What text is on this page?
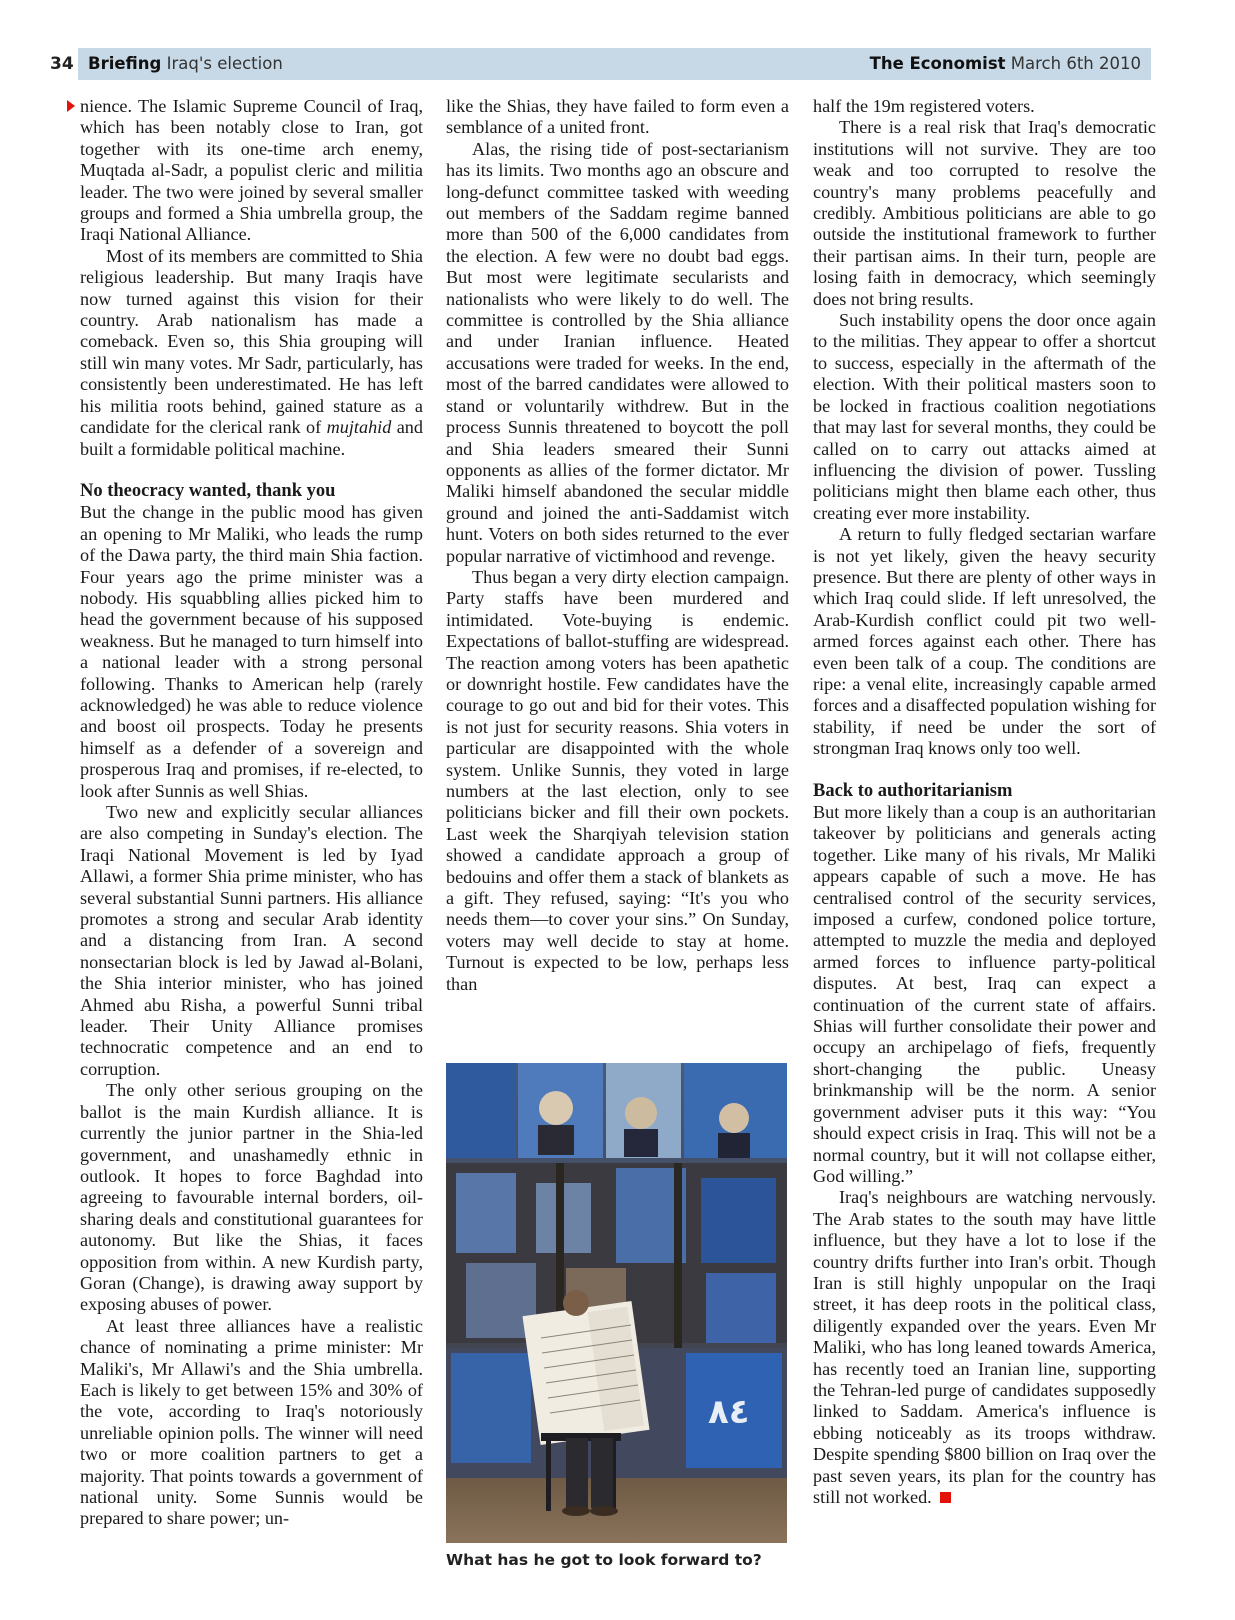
34 Briefing Iraq's election	The Economist March 6th 2010

nience. The Islamic Supreme Council of Iraq, which has been notably close to Iran, got together with its one-time arch enemy, Muqtada al-Sadr, a populist cleric and militia leader. The two were joined by several smaller groups and formed a Shia umbrella group, the Iraqi National Alliance.

Most of its members are committed to Shia religious leadership. But many Iraqis have now turned against this vision for their country. Arab nationalism has made a comeback. Even so, this Shia grouping will still win many votes. Mr Sadr, particularly, has consistently been underestimated. He has left his militia roots behind, gained stature as a candidate for the clerical rank of mujtahid and built a formidable political machine.

No theocracy wanted, thank you

But the change in the public mood has given an opening to Mr Maliki, who leads the rump of the Dawa party, the third main Shia faction. Four years ago the prime minister was a nobody. His squabbling allies picked him to head the government because of his supposed weakness. But he managed to turn himself into a national leader with a strong personal following. Thanks to American help (rarely acknowledged) he was able to reduce violence and boost oil prospects. Today he presents himself as a defender of a sovereign and prosperous Iraq and promises, if re-elected, to look after Sunnis as well Shias.

Two new and explicitly secular alliances are also competing in Sunday's election. The Iraqi National Movement is led by Iyad Allawi, a former Shia prime minister, who has several substantial Sunni partners. His alliance promotes a strong and secular Arab identity and a distancing from Iran. A second nonsectarian block is led by Jawad al-Bolani, the Shia interior minister, who has joined Ahmed abu Risha, a powerful Sunni tribal leader. Their Unity Alliance promises technocratic competence and an end to corruption.

The only other serious grouping on the ballot is the main Kurdish alliance. It is currently the junior partner in the Shia-led government, and unashamedly ethnic in outlook. It hopes to force Baghdad into agreeing to favourable internal borders, oil-sharing deals and constitutional guarantees for autonomy. But like the Shias, it faces opposition from within. A new Kurdish party, Goran (Change), is drawing away support by exposing abuses of power.

At least three alliances have a realistic chance of nominating a prime minister: Mr Maliki's, Mr Allawi's and the Shia umbrella. Each is likely to get between 15% and 30% of the vote, according to Iraq's notoriously unreliable opinion polls. The winner will need two or more coalition partners to get a majority. That points towards a government of national unity. Some Sunnis would be prepared to share power; un-

like the Shias, they have failed to form even a semblance of a united front.

Alas, the rising tide of post-sectarianism has its limits. Two months ago an obscure and long-defunct committee tasked with weeding out members of the Saddam regime banned more than 500 of the 6,000 candidates from the election. A few were no doubt bad eggs. But most were legitimate secularists and nationalists who were likely to do well. The committee is controlled by the Shia alliance and under Iranian influence. Heated accusations were traded for weeks. In the end, most of the barred candidates were allowed to stand or voluntarily withdrew. But in the process Sunnis threatened to boycott the poll and Shia leaders smeared their Sunni opponents as allies of the former dictator. Mr Maliki himself abandoned the secular middle ground and joined the anti-Saddamist witch hunt. Voters on both sides returned to the ever popular narrative of victimhood and revenge.

Thus began a very dirty election campaign. Party staffs have been murdered and intimidated. Vote-buying is endemic. Expectations of ballot-stuffing are widespread. The reaction among voters has been apathetic or downright hostile. Few candidates have the courage to go out and bid for their votes. This is not just for security reasons. Shia voters in particular are disappointed with the whole system. Unlike Sunnis, they voted in large numbers at the last election, only to see politicians bicker and fill their own pockets. Last week the Sharqiyah television station showed a candidate approach a group of bedouins and offer them a stack of blankets as a gift. They refused, saying: “It's you who needs them—to cover your sins.” On Sunday, voters may well decide to stay at home. Turnout is expected to be low, perhaps less than

٨٤
What has he got to look forward to?

half the 19m registered voters.

There is a real risk that Iraq's democratic institutions will not survive. They are too weak and too corrupted to resolve the country's many problems peacefully and credibly. Ambitious politicians are able to go outside the institutional framework to further their partisan aims. In their turn, people are losing faith in democracy, which seemingly does not bring results.

Such instability opens the door once again to the militias. They appear to offer a shortcut to success, especially in the aftermath of the election. With their political masters soon to be locked in fractious coalition negotiations that may last for several months, they could be called on to carry out attacks aimed at influencing the division of power. Tussling politicians might then blame each other, thus creating ever more instability.

A return to fully fledged sectarian warfare is not yet likely, given the heavy security presence. But there are plenty of other ways in which Iraq could slide. If left unresolved, the Arab-Kurdish conflict could pit two well-armed forces against each other. There has even been talk of a coup. The conditions are ripe: a venal elite, increasingly capable armed forces and a disaffected population wishing for stability, if need be under the sort of strongman Iraq knows only too well.

Back to authoritarianism

But more likely than a coup is an authoritarian takeover by politicians and generals acting together. Like many of his rivals, Mr Maliki appears capable of such a move. He has centralised control of the security services, imposed a curfew, condoned police torture, attempted to muzzle the media and deployed armed forces to influence party-political disputes. At best, Iraq can expect a continuation of the current state of affairs. Shias will further consolidate their power and occupy an archipelago of fiefs, frequently short-changing the public. Uneasy brinkmanship will be the norm. A senior government adviser puts it this way: “You should expect crisis in Iraq. This will not be a normal country, but it will not collapse either, God willing.”

Iraq's neighbours are watching nervously. The Arab states to the south may have little influence, but they have a lot to lose if the country drifts further into Iran's orbit. Though Iran is still highly unpopular on the Iraqi street, it has deep roots in the political class, diligently expanded over the years. Even Mr Maliki, who has long leaned towards America, has recently toed an Iranian line, supporting the Tehran-led purge of candidates supposedly linked to Saddam. America's influence is ebbing noticeably as its troops withdraw. Despite spending $800 billion on Iraq over the past seven years, its plan for the country has still not worked.
